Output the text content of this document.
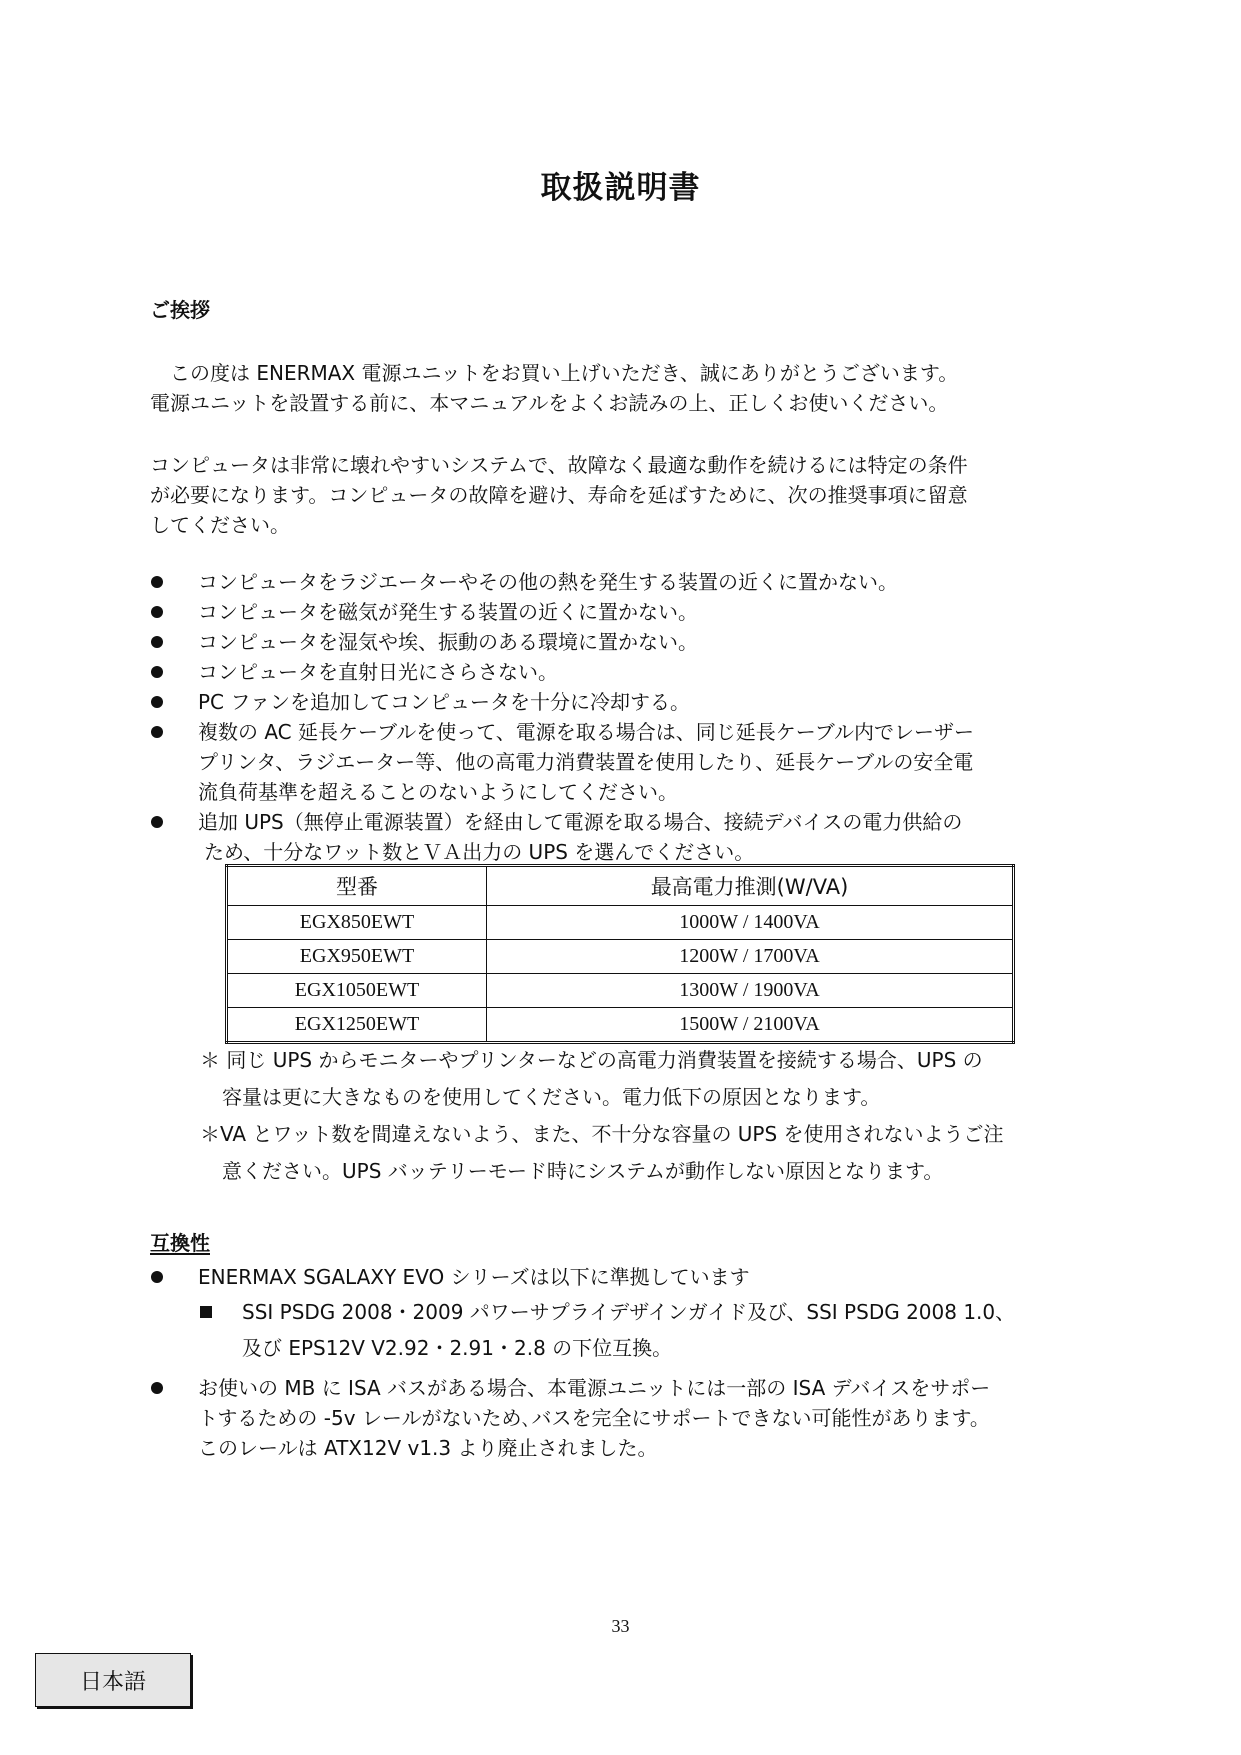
取扱説明書
ご挨拶

　この度は ENERMAX 電源ユニットをお買い上げいただき、誠にありがとうございます。

電源ユニットを設置する前に、本マニュアルをよくお読みの上、正しくお使いください。

コンピュータは非常に壊れやすいシステムで、故障なく最適な動作を続けるには特定の条件

が必要になります。コンピュータの故障を避け、寿命を延ばすために、次の推奨事項に留意

してください。

コンピュータをラジエーターやその他の熱を発生する装置の近くに置かない。
コンピュータを磁気が発生する装置の近くに置かない。
コンピュータを湿気や埃、振動のある環境に置かない。
コンピュータを直射日光にさらさない。
PC ファンを追加してコンピュータを十分に冷却する。
複数の AC 延長ケーブルを使って、電源を取る場合は、同じ延長ケーブル内でレーザー
プリンタ、ラジエーター等、他の高電力消費装置を使用したり、延長ケーブルの安全電
流負荷基準を超えることのないようにしてください。
追加 UPS（無停止電源装置）を経由して電源を取る場合、接続デバイスの電力供給の
ため、十分なワット数とＶＡ出力の UPS を選んでください。
型番	最高電力推測(W/VA)
EGX850EWT	1000W / 1400VA
EGX950EWT	1200W / 1700VA
EGX1050EWT	1300W / 1900VA
EGX1250EWT	1500W / 2100VA
＊ 同じ UPS からモニターやプリンターなどの高電力消費装置を接続する場合、UPS の
容量は更に大きなものを使用してください。電力低下の原因となります。
＊VA とワット数を間違えないよう、また、不十分な容量の UPS を使用されないようご注
意ください。UPS バッテリーモード時にシステムが動作しない原因となります。
互換性
ENERMAX SGALAXY EVO シリーズは以下に準拠しています
SSI PSDG 2008・2009 パワーサプライデザインガイド及び、SSI PSDG 2008 1.0、
及び EPS12V V2.92・2.91・2.8 の下位互換。
お使いの MB に ISA バスがある場合、本電源ユニットには一部の ISA デバイスをサポー
トするための -5v レールがないため､バスを完全にサポートできない可能性があります。
このレールは ATX12V v1.3 より廃止されました。
33
日本語
